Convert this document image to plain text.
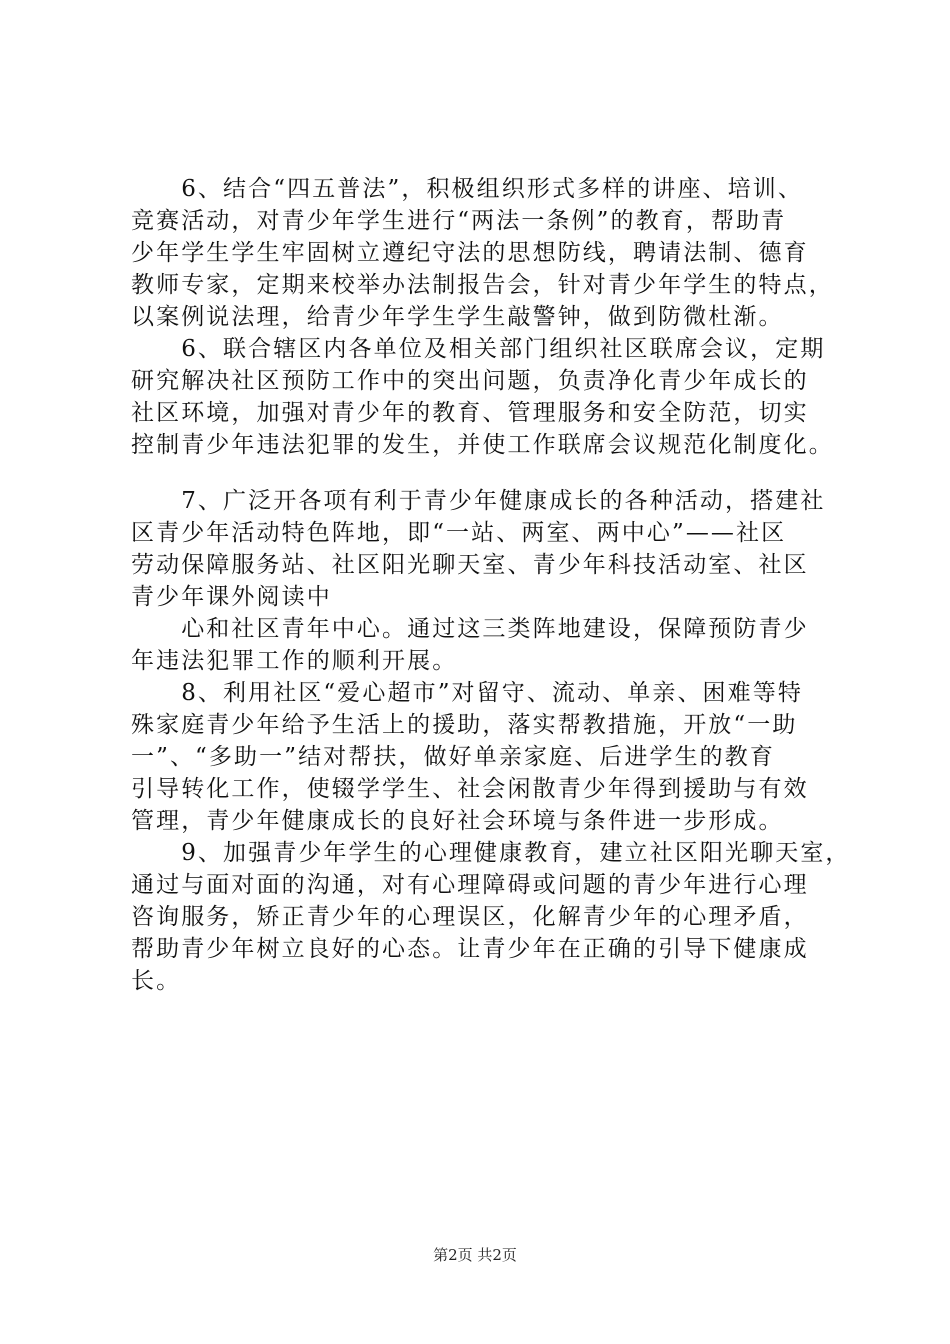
　　6、结合“四五普法”，积极组织形式多样的讲座、培训、
竞赛活动，对青少年学生进行“两法一条例”的教育，帮助青
少年学生学生牢固树立遵纪守法的思想防线，聘请法制、德育
教师专家，定期来校举办法制报告会，针对青少年学生的特点，
以案例说法理，给青少年学生学生敲警钟，做到防微杜渐。
　　6、联合辖区内各单位及相关部门组织社区联席会议，定期
研究解决社区预防工作中的突出问题，负责净化青少年成长的
社区环境，加强对青少年的教育、管理服务和安全防范，切实
控制青少年违法犯罪的发生，并使工作联席会议规范化制度化。
　　7、广泛开各项有利于青少年健康成长的各种活动，搭建社
区青少年活动特色阵地，即“一站、两室、两中心”——社区
劳动保障服务站、社区阳光聊天室、青少年科技活动室、社区
青少年课外阅读中
　　心和社区青年中心。通过这三类阵地建设，保障预防青少
年违法犯罪工作的顺利开展。
　　8、利用社区“爱心超市”对留守、流动、单亲、困难等特
殊家庭青少年给予生活上的援助，落实帮教措施，开放“一助
一”、“多助一”结对帮扶，做好单亲家庭、后进学生的教育
引导转化工作，使辍学学生、社会闲散青少年得到援助与有效
管理，青少年健康成长的良好社会环境与条件进一步形成。
　　9、加强青少年学生的心理健康教育，建立社区阳光聊天室，
通过与面对面的沟通，对有心理障碍或问题的青少年进行心理
咨询服务，矫正青少年的心理误区，化解青少年的心理矛盾，
帮助青少年树立良好的心态。让青少年在正确的引导下健康成
长。
第2页 共2页
